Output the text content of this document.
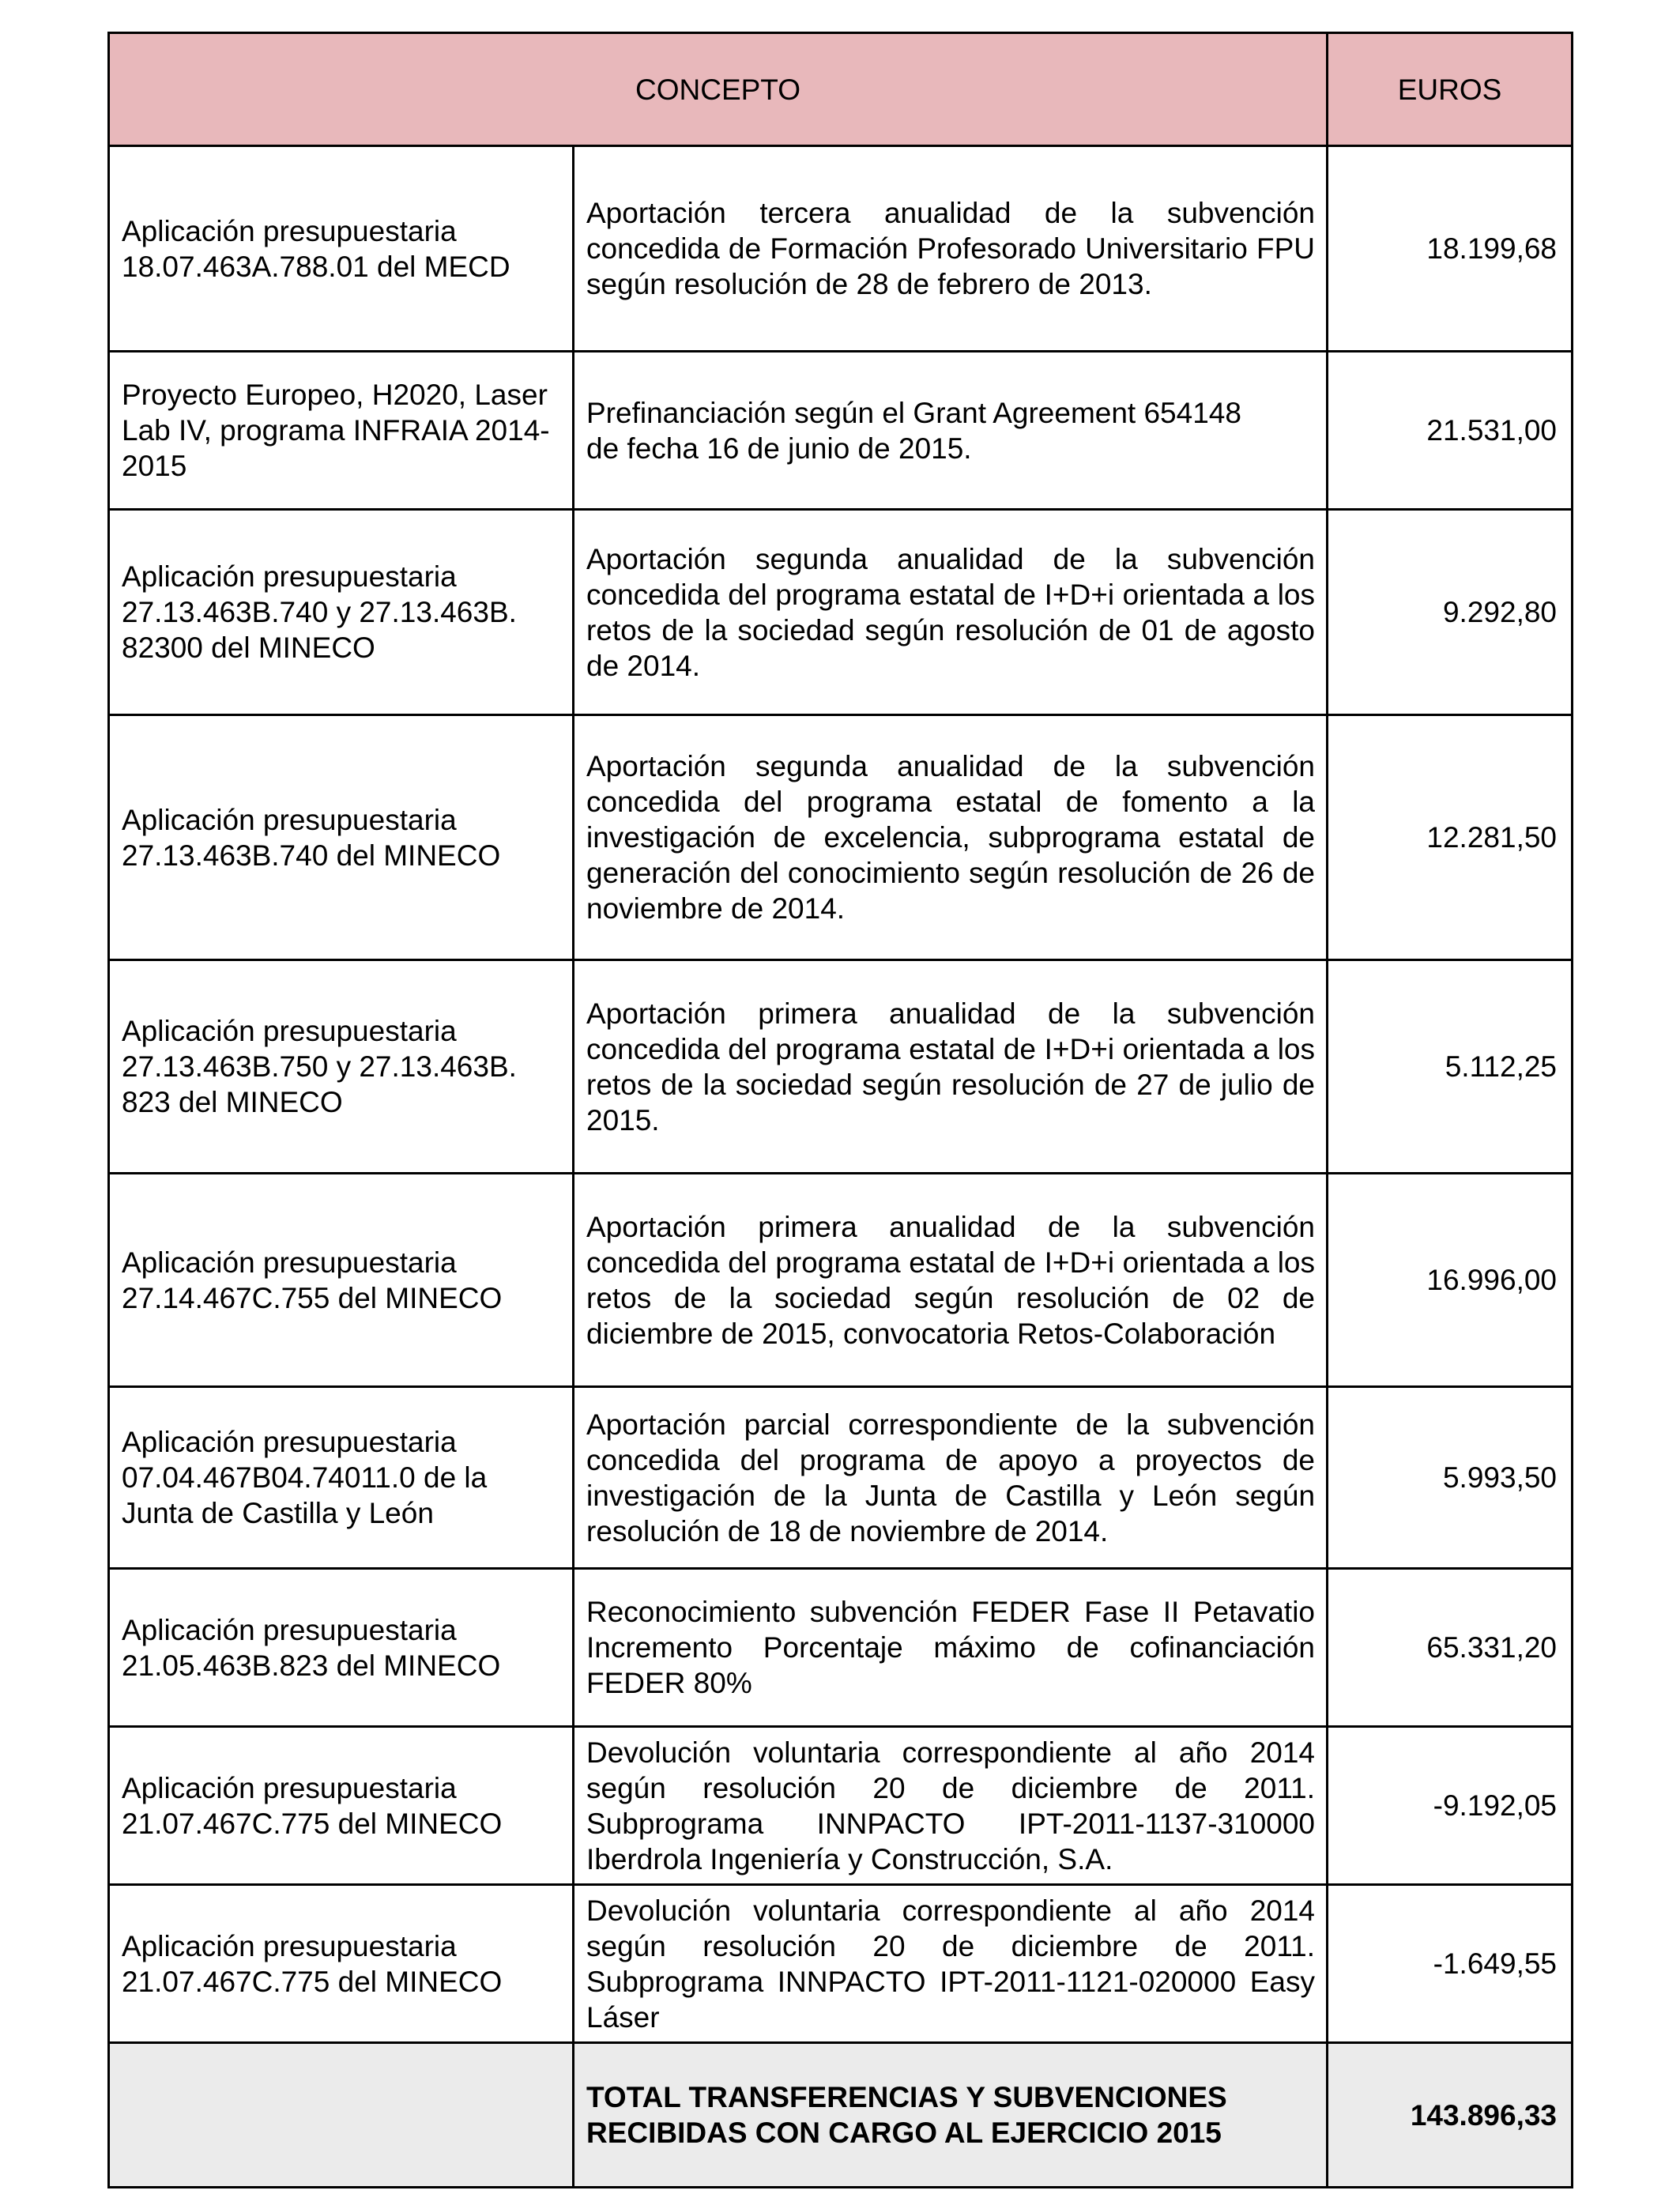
CONCEPTO		EUROS

Aplicación presupuestaria 18.07.463A.788.01 del MECD	Aportación tercera anualidad de la subvención concedida de Formación Profesorado Universitario FPU según resolución de 28 de febrero de 2013.	18.199,68

Proyecto Europeo, H2020, Laser Lab IV, programa INFRAIA 2014-2015	Prefinanciación según el Grant Agreement 654148 de fecha 16 de junio de 2015.	21.531,00

Aplicación presupuestaria 27.13.463B.740 y 27.13.463B. 82300 del MINECO	Aportación segunda anualidad de la subvención concedida del programa estatal de I+D+i orientada a los retos de la sociedad según resolución de 01 de agosto de 2014.	9.292,80

Aplicación presupuestaria 27.13.463B.740 del MINECO	Aportación segunda anualidad de la subvención concedida del programa estatal de fomento a la investigación de excelencia, subprograma estatal de generación del conocimiento según resolución de 26 de noviembre de 2014.	12.281,50

Aplicación presupuestaria 27.13.463B.750 y 27.13.463B. 823 del MINECO	Aportación primera anualidad de la subvención concedida del programa estatal de I+D+i orientada a los retos de la sociedad según resolución de 27 de julio de 2015.	5.112,25

Aplicación presupuestaria 27.14.467C.755 del MINECO	Aportación primera anualidad de la subvención concedida del programa estatal de I+D+i orientada a los retos de la sociedad según resolución de 02 de diciembre de 2015, convocatoria Retos-Colaboración	16.996,00

Aplicación presupuestaria 07.04.467B04.74011.0 de la Junta de Castilla y León	Aportación parcial correspondiente de la subvención concedida del programa de apoyo a proyectos de investigación de la Junta de Castilla y León según resolución de 18 de noviembre de 2014.	5.993,50

Aplicación presupuestaria 21.05.463B.823 del MINECO	Reconocimiento subvención FEDER Fase II Petavatio Incremento Porcentaje máximo de cofinanciación FEDER 80%	65.331,20

Aplicación presupuestaria 21.07.467C.775 del MINECO	Devolución voluntaria correspondiente al año 2014 según resolución 20 de diciembre de 2011. Subprograma INNPACTO IPT-2011-1137-310000 Iberdrola Ingeniería y Construcción, S.A.	-9.192,05

Aplicación presupuestaria 21.07.467C.775 del MINECO	Devolución voluntaria correspondiente al año 2014 según resolución 20 de diciembre de 2011. Subprograma INNPACTO IPT-2011-1121-020000 Easy Láser	-1.649,55

	TOTAL TRANSFERENCIAS Y SUBVENCIONES RECIBIDAS CON CARGO AL EJERCICIO 2015	143.896,33
